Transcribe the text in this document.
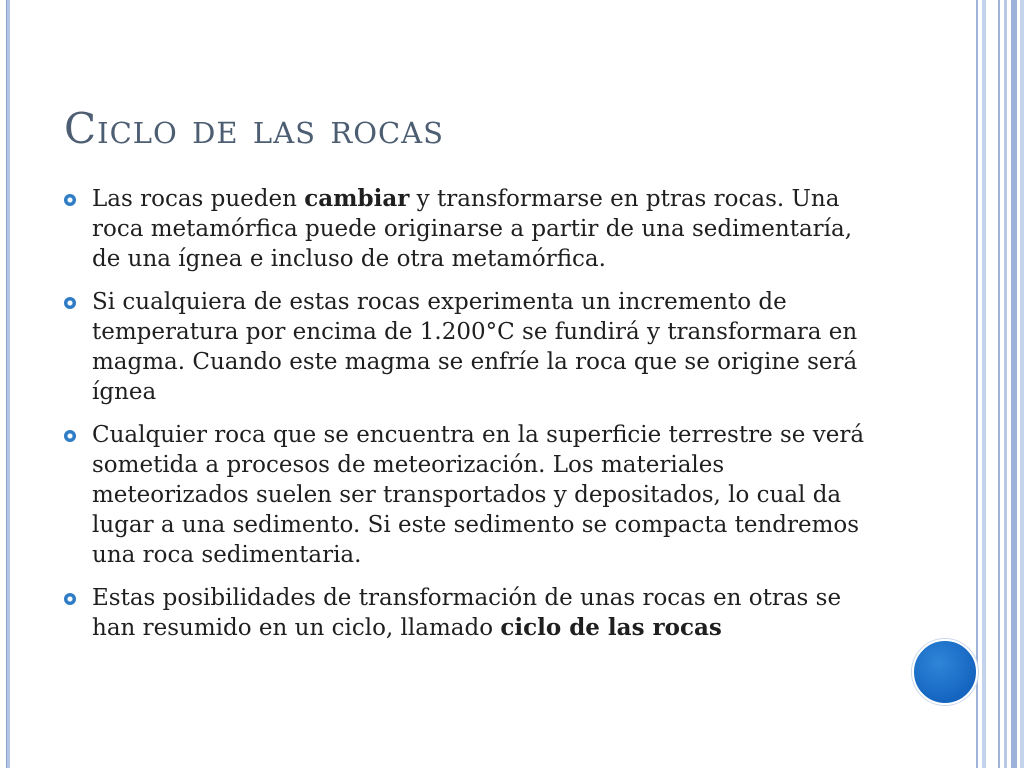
Ciclo de las rocas
Las rocas pueden cambiar y transformarse en ptras rocas. Una roca metamórfica puede originarse a partir de una sedimentaría, de una ígnea e incluso de otra metamórfica.
Si cualquiera de estas rocas experimenta un incremento de temperatura por encima de 1.200°C se fundirá y transformara en magma. Cuando este magma se enfríe la roca que se origine será ígnea
Cualquier roca que se encuentra en la superficie terrestre se verá sometida a procesos de meteorización. Los materiales meteorizados suelen ser transportados y depositados, lo cual da lugar a una sedimento. Si este sedimento se compacta tendremos una roca sedimentaria.
Estas posibilidades de transformación de unas rocas en otras se han resumido en un ciclo, llamado ciclo de las rocas
